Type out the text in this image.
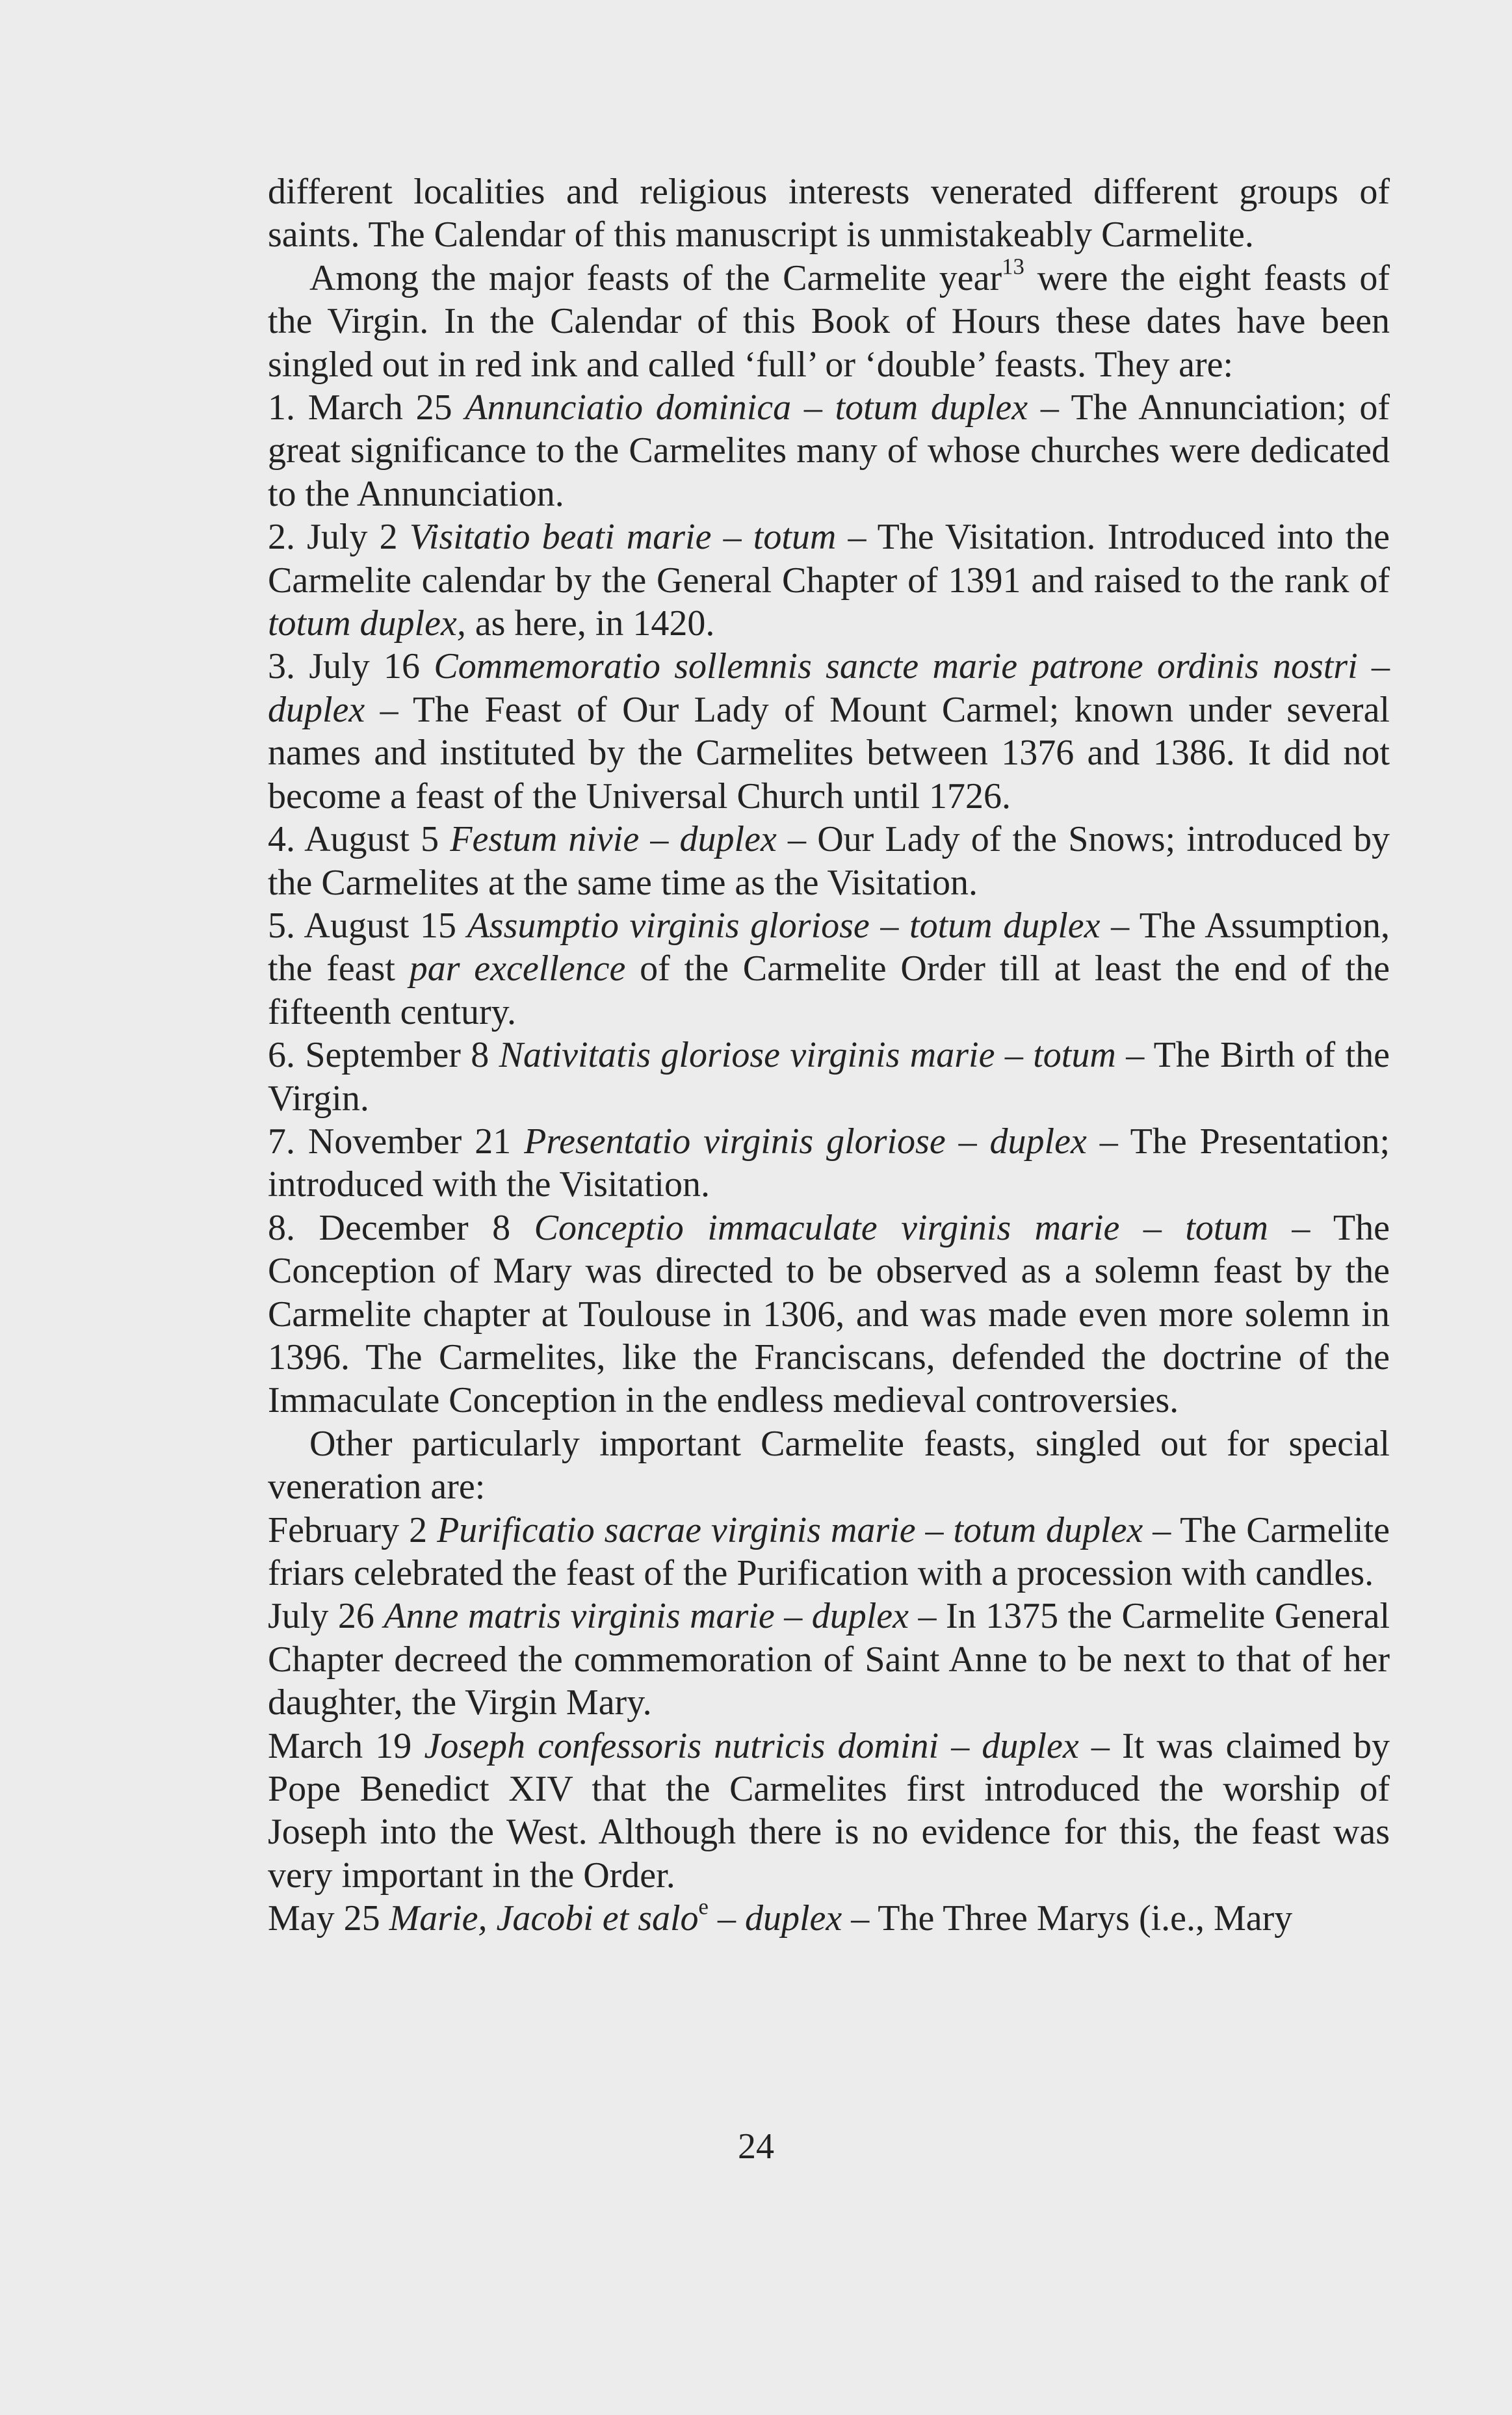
different localities and religious interests venerated different groups of saints. The Calendar of this manuscript is unmistakeably Carmelite.

Among the major feasts of the Carmelite year$^{13}$ were the eight feasts of the Virgin. In the Calendar of this Book of Hours these dates have been singled out in red ink and called ‘full’ or ‘double’ feasts. They are:

1. March 25 Annunciatio dominica – totum duplex – The Annunciation; of great significance to the Carmelites many of whose churches were dedicated to the Annunciation.

2. July 2 Visitatio beati marie – totum – The Visitation. Introduced into the Carmelite calendar by the General Chapter of 1391 and raised to the rank of totum duplex, as here, in 1420.

3. July 16 Commemoratio sollemnis sancte marie patrone ordinis nostri – duplex – The Feast of Our Lady of Mount Carmel; known under several names and instituted by the Carmelites between 1376 and 1386. It did not become a feast of the Universal Church until 1726.

4. August 5 Festum nivie – duplex – Our Lady of the Snows; introduced by the Carmelites at the same time as the Visitation.

5. August 15 Assumptio virginis gloriose – totum duplex – The Assumption, the feast par excellence of the Carmelite Order till at least the end of the fifteenth century.

6. September 8 Nativitatis gloriose virginis marie – totum – The Birth of the Virgin.

7. November 21 Presentatio virginis gloriose – duplex – The Presentation; introduced with the Visitation.

8. December 8 Conceptio immaculate virginis marie – totum – The Conception of Mary was directed to be observed as a solemn feast by the Carmelite chapter at Toulouse in 1306, and was made even more solemn in 1396. The Carmelites, like the Franciscans, defended the doctrine of the Immaculate Conception in the endless medieval controversies.

Other particularly important Carmelite feasts, singled out for special veneration are:

February 2 Purificatio sacrae virginis marie – totum duplex – The Carmelite friars celebrated the feast of the Purification with a procession with candles.

July 26 Anne matris virginis marie – duplex – In 1375 the Carmelite General Chapter decreed the commemoration of Saint Anne to be next to that of her daughter, the Virgin Mary.

March 19 Joseph confessoris nutricis domini – duplex – It was claimed by Pope Benedict XIV that the Carmelites first introduced the worship of Joseph into the West. Although there is no evidence for this, the feast was very important in the Order.

May 25 Marie, Jacobi et salo$^e$ – duplex – The Three Marys (i.e., Mary

24
